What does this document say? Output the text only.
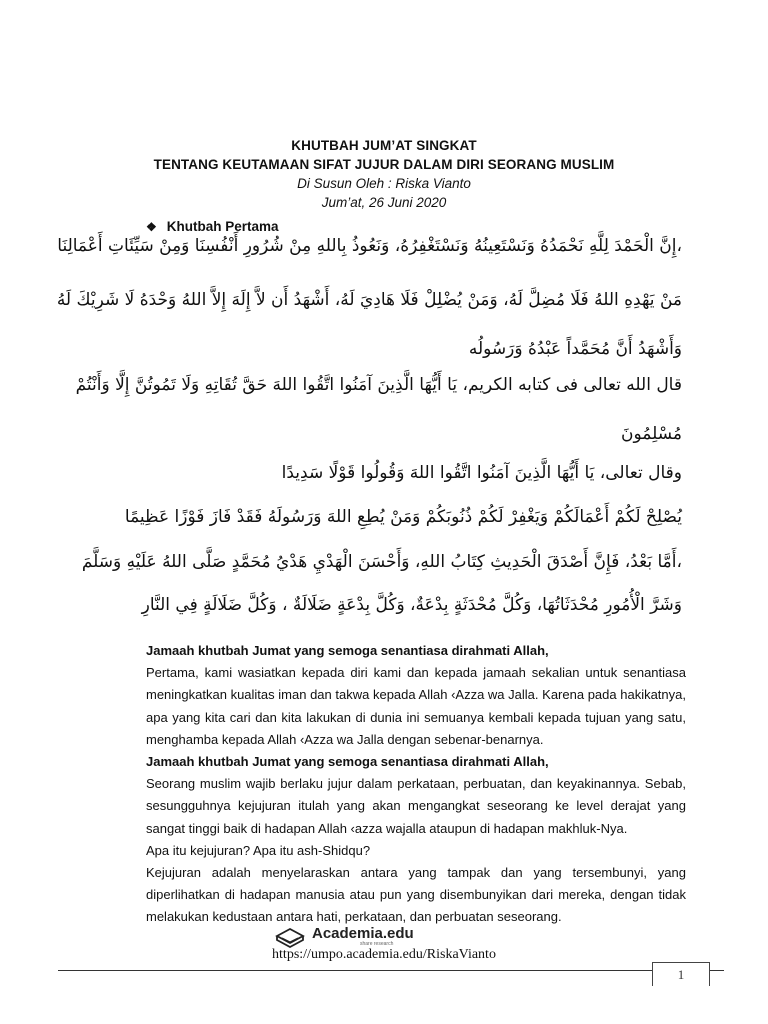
KHUTBAH JUM’AT SINGKAT
TENTANG KEUTAMAAN SIFAT JUJUR DALAM DIRI SEORANG MUSLIM
Di Susun Oleh : Riska Vianto
Jum’at, 26 Juni 2020
❖ Khutbah Pertama
،إِنَّ الْحَمْدَ لِلَّهِ نَحْمَدُهُ وَنَسْتَعِينُهُ وَنَسْتَغْفِرُهُ، وَنَعُوذُ بِاللهِ مِنْ شُرُورِ أَنْفُسِنَا وَمِنْ سَيِّئَاتِ أَعْمَالِنَا
مَنْ يَهْدِهِ اللهُ فَلَا مُضِلَّ لَهُ، وَمَنْ يُضْلِلْ فَلَا هَادِيَ لَهُ، أَشْهَدُ أَن لاَّ إِلَهَ إِلاَّ اللهُ وَحْدَهُ لَا شَرِيْكَ لَهُ
وَأَشْهَدُ أَنَّ مُحَمَّداً عَبْدُهُ وَرَسُولُه
قال الله تعالى فى كتابه الكريم، يَا أَيُّهَا الَّذِينَ آمَنُوا اتَّقُوا اللهَ حَقَّ تُقَاتِهِ وَلَا تَمُوتُنَّ إِلَّا وَأَنْتُمْ
مُسْلِمُونَ
وقال تعالى، يَا أَيُّهَا الَّذِينَ آمَنُوا اتَّقُوا اللهَ وَقُولُوا قَوْلًا سَدِيدًا
يُصْلِحْ لَكُمْ أَعْمَالَكُمْ وَيَغْفِرْ لَكُمْ ذُنُوبَكُمْ وَمَنْ يُطِعِ اللهَ وَرَسُولَهُ فَقَدْ فَازَ فَوْزًا عَظِيمًا
،أَمَّا بَعْدُ، فَإِنَّ أَصْدَقَ الْحَدِيثِ كِتَابُ اللهِ، وَأَحْسَنَ الْهَدْيِ هَدْيُ مُحَمَّدٍ صَلَّى اللهُ عَلَيْهِ وَسَلَّمَ
وَشَرَّ الْأُمُورِ مُحْدَثَاتُهَا، وَكُلَّ مُحْدَثَةٍ بِدْعَةٌ، وَكُلَّ بِدْعَةٍ ضَلَالَةٌ ، وَكُلَّ ضَلَالَةٍ فِي النَّارِ

Jamaah khutbah Jumat yang semoga senantiasa dirahmati Allah,

Pertama, kami wasiatkan kepada diri kami dan kepada jamaah sekalian untuk senantiasa meningkatkan kualitas iman dan takwa kepada Allah ‹Azza wa Jalla. Karena pada hakikatnya, apa yang kita cari dan kita lakukan di dunia ini semuanya kembali kepada tujuan yang satu, menghamba kepada Allah ‹Azza wa Jalla dengan sebenar-benarnya.

Jamaah khutbah Jumat yang semoga senantiasa dirahmati Allah,

Seorang muslim wajib berlaku jujur dalam perkataan, perbuatan, dan keyakinannya. Sebab, sesungguhnya kejujuran itulah yang akan mengangkat seseorang ke level derajat yang sangat tinggi baik di hadapan Allah ‹azza wajalla ataupun di hadapan makhluk-Nya.

Apa itu kejujuran? Apa itu ash-Shidqu?

Kejujuran adalah menyelaraskan antara yang tampak dan yang tersembunyi, yang diperlihatkan di hadapan manusia atau pun yang disembunyikan dari mereka, dengan tidak melakukan kedustaan antara hati, perkataan, dan perbuatan seseorang.

Academia.edu
share research
https://umpo.academia.edu/RiskaVianto
1
